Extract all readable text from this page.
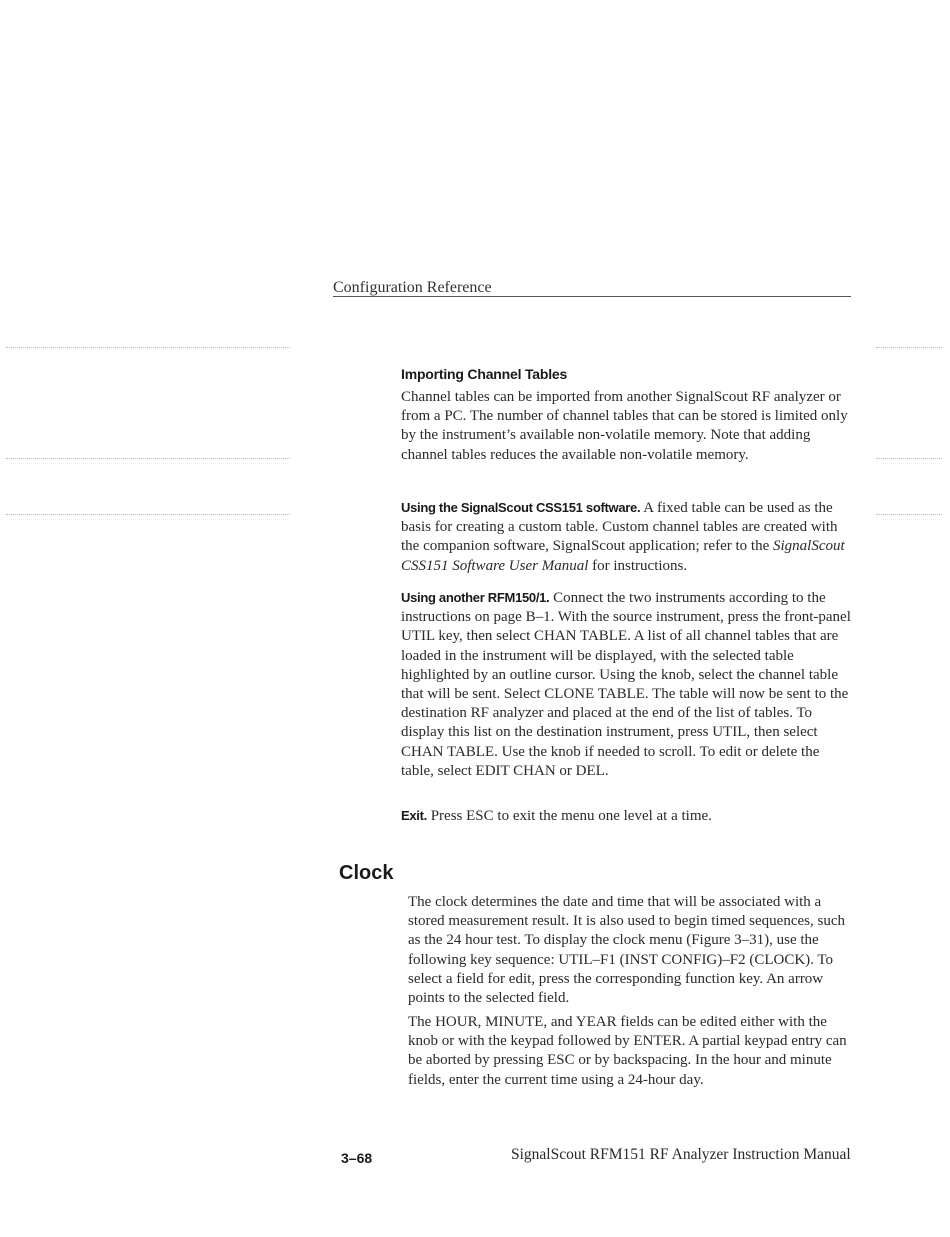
Configuration Reference
Importing Channel Tables

Channel tables can be imported from another SignalScout RF analyzer or from a PC. The number of channel tables that can be stored is limited only by the instrument’s available non-volatile memory. Note that adding channel tables reduces the available non-volatile memory.

Using the SignalScout CSS151 software. A fixed table can be used as the basis for creating a custom table. Custom channel tables are created with the companion software, SignalScout application; refer to the SignalScout CSS151 Software User Manual for instructions.

Using another RFM150/1. Connect the two instruments according to the instructions on page B–1. With the source instrument, press the front-panel UTIL key, then select CHAN TABLE. A list of all channel tables that are loaded in the instrument will be displayed, with the selected table highlighted by an outline cursor. Using the knob, select the channel table that will be sent. Select CLONE TABLE. The table will now be sent to the destination RF analyzer and placed at the end of the list of tables. To display this list on the destination instrument, press UTIL, then select CHAN TABLE. Use the knob if needed to scroll. To edit or delete the table, select EDIT CHAN or DEL.

Exit. Press ESC to exit the menu one level at a time.

Clock

The clock determines the date and time that will be associated with a stored measurement result. It is also used to begin timed sequences, such as the 24 hour test. To display the clock menu (Figure 3–31), use the following key sequence: UTIL–F1 (INST CONFIG)–F2 (CLOCK). To select a field for edit, press the corresponding function key. An arrow points to the selected field.

The HOUR, MINUTE, and YEAR fields can be edited either with the knob or with the keypad followed by ENTER. A partial keypad entry can be aborted by pressing ESC or by backspacing. In the hour and minute fields, enter the current time using a 24-hour day.

3–68	SignalScout RFM151 RF Analyzer Instruction Manual
